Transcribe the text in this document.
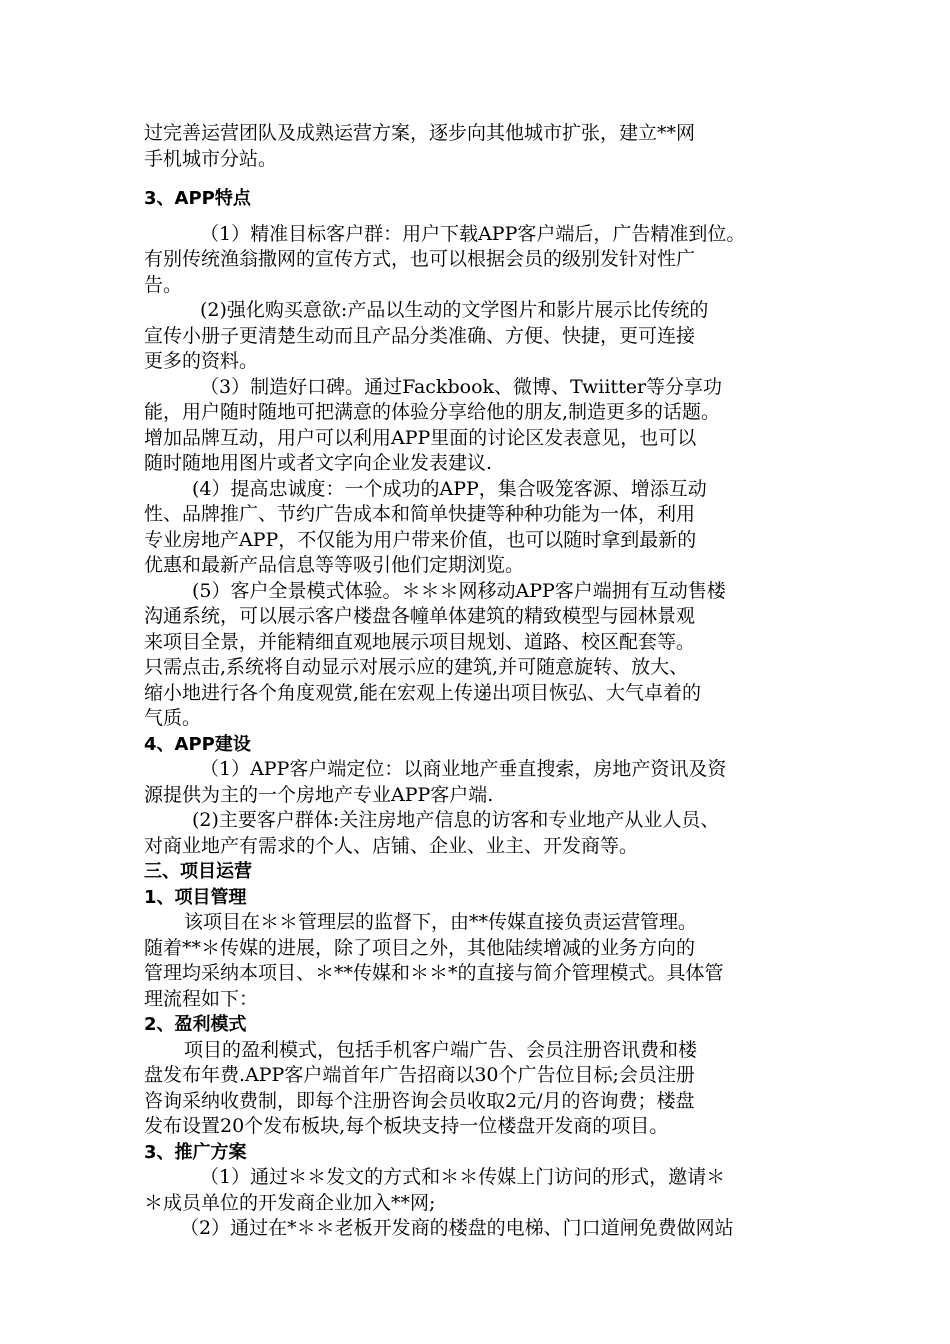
过完善运营团队及成熟运营方案，逐步向其他城市扩张，建立**网
手机城市分站。
3、APP特点
（1）精准目标客户群：用户下载APP客户端后，广告精准到位。
有别传统渔翁撒网的宣传方式，也可以根据会员的级别发针对性广
告。
(2)强化购买意欲:产品以生动的文学图片和影片展示比传统的
宣传小册子更清楚生动而且产品分类准确、方便、快捷，更可连接
更多的资料。
（3）制造好口碑。通过Fackbook、微博、Twiitter等分享功
能，用户随时随地可把满意的体验分享给他的朋友,制造更多的话题。
增加品牌互动，用户可以利用APP里面的讨论区发表意见，也可以
随时随地用图片或者文字向企业发表建议.
(4）提高忠诚度：一个成功的APP，集合吸笼客源、增添互动
性、品牌推广、节约广告成本和简单快捷等种种功能为一体，利用
专业房地产APP，不仅能为用户带来价值，也可以随时拿到最新的
优惠和最新产品信息等等吸引他们定期浏览。
(5）客户全景模式体验。＊＊＊网移动APP客户端拥有互动售楼
沟通系统，可以展示客户楼盘各幢单体建筑的精致模型与园林景观
来项目全景，并能精细直观地展示项目规划、道路、校区配套等。
只需点击,系统将自动显示对展示应的建筑,并可随意旋转、放大、
缩小地进行各个角度观赏,能在宏观上传递出项目恢弘、大气卓着的
气质。
4、APP建设
（1）APP客户端定位：以商业地产垂直搜索，房地产资讯及资
源提供为主的一个房地产专业APP客户端.
(2)主要客户群体:关注房地产信息的访客和专业地产从业人员、
对商业地产有需求的个人、店铺、企业、业主、开发商等。
三、项目运营
1、项目管理
该项目在＊＊管理层的监督下，由**传媒直接负责运营管理。
随着**＊传媒的进展，除了项目之外，其他陆续增减的业务方向的
管理均采纳本项目、＊**传媒和＊＊*的直接与简介管理模式。具体管
理流程如下：
2、盈利模式
项目的盈利模式，包括手机客户端广告、会员注册咨讯费和楼
盘发布年费.APP客户端首年广告招商以30个广告位目标;会员注册
咨询采纳收费制，即每个注册咨询会员收取2元/月的咨询费；楼盘
发布设置20个发布板块,每个板块支持一位楼盘开发商的项目。
3、推广方案
（1）通过＊＊发文的方式和＊＊传媒上门访问的形式，邀请＊
＊成员单位的开发商企业加入**网;
（2）通过在*＊＊老板开发商的楼盘的电梯、门口道闸免费做网站
